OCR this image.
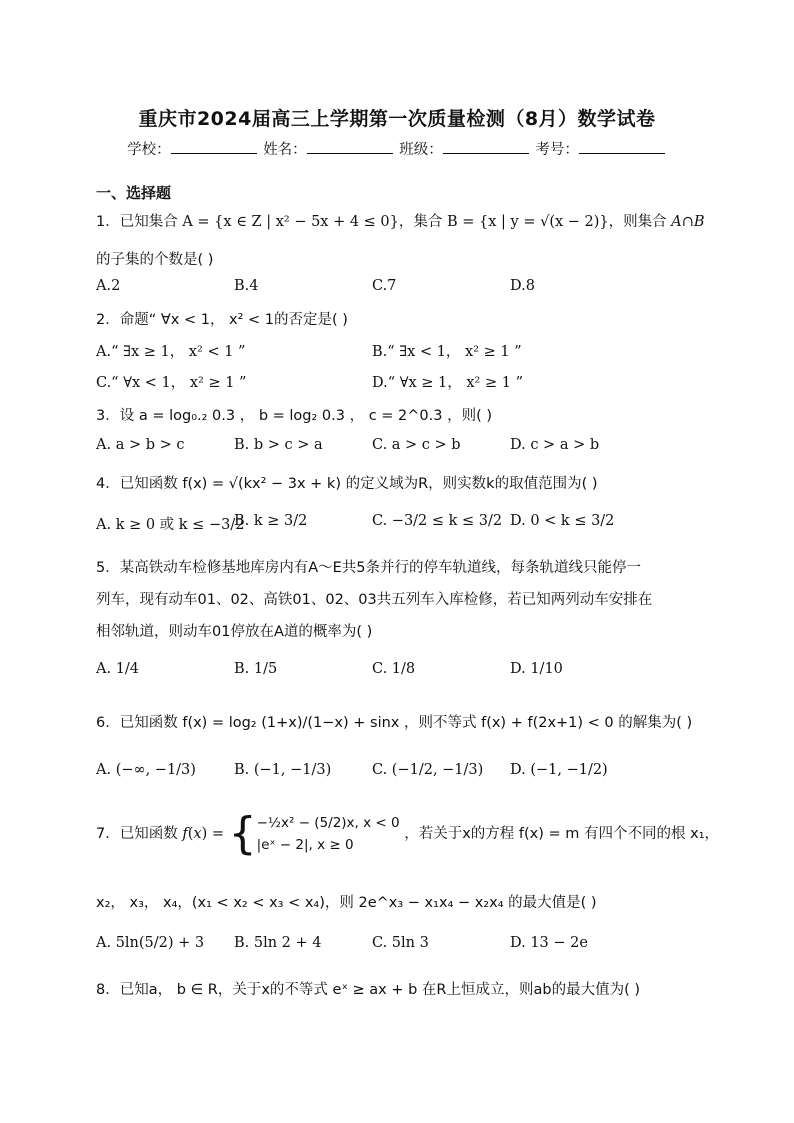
重庆市2024届高三上学期第一次质量检测（8月）数学试卷
学校：	姓名：	班级：	考号：
一、选择题
1．已知集合 A = {x ∈ Z | x² − 5x + 4 ≤ 0}，集合 B = {x | y = √(x − 2)}，则集合 A∩B
的子集的个数是( )
A.2	B.4	C.7	D.8
2．命题“ ∀x < 1， x² < 1的否定是( )
A.“ ∃x ≥ 1， x² < 1 ”	B.“ ∃x < 1， x² ≥ 1 ”
C.“ ∀x < 1， x² ≥ 1 ”	D.“ ∀x ≥ 1， x² ≥ 1 ”
3．设 a = log₀.₂ 0.3 ， b = log₂ 0.3 ， c = 2^0.3 ，则( )
A. a > b > c	B. b > c > a	C. a > c > b	D. c > a > b
4．已知函数 f(x) = √(kx² − 3x + k) 的定义域为R，则实数k的取值范围为( )
A. k ≥ 0 或 k ≤ −3/2
B. k ≥ 3/2	C. −3/2 ≤ k ≤ 3/2 D. 0 < k ≤ 3/2
5．某高铁动车检修基地库房内有A～E共5条并行的停车轨道线，每条轨道线只能停一
列车，现有动车01、02、高铁01、02、03共五列车入库检修，若已知两列动车安排在
相邻轨道，则动车01停放在A道的概率为( )
A. 1/4	B. 1/5	C. 1/8	D. 1/10
6．已知函数 f(x) = log₂ (1+x)/(1−x) + sinx ，则不等式 f(x) + f(2x+1) < 0 的解集为( )
A. (−∞, −1/3)	B. (−1, −1/3)	C. (−1/2, −1/3) D. (−1, −1/2)
7．已知函数 f(x) = { −½x² − (5/2)x, x < 0
|eˣ − 2|, x ≥ 0
，若关于x的方程 f(x) = m 有四个不同的根 x₁，
x₂， x₃， x₄，(x₁ < x₂ < x₃ < x₄)，则 2e^x₃ − x₁x₄ − x₂x₄ 的最大值是( )
A. 5ln(5/2) + 3 B. 5ln 2 + 4	C. 5ln 3	D. 13 − 2e
8．已知a， b ∈ R，关于x的不等式 eˣ ≥ ax + b 在R上恒成立，则ab的最大值为( )
